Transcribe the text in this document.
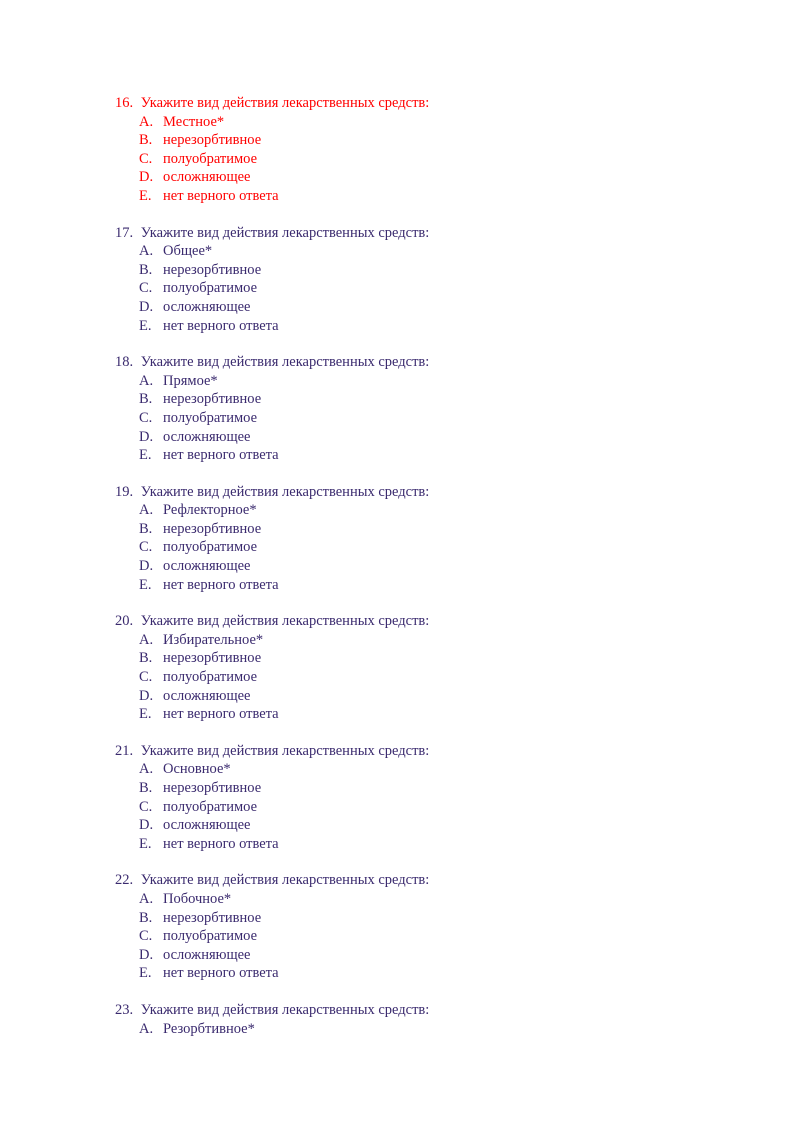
16. Укажите вид действия лекарственных средств:
A. Местное*
B. нерезорбтивное
C. полуобратимое
D. осложняющее
E. нет верного ответа
17. Укажите вид действия лекарственных средств:
A. Общее*
B. нерезорбтивное
C. полуобратимое
D. осложняющее
E. нет верного ответа
18. Укажите вид действия лекарственных средств:
A. Прямое*
B. нерезорбтивное
C. полуобратимое
D. осложняющее
E. нет верного ответа
19. Укажите вид действия лекарственных средств:
A. Рефлекторное*
B. нерезорбтивное
C. полуобратимое
D. осложняющее
E. нет верного ответа
20. Укажите вид действия лекарственных средств:
A. Избирательное*
B. нерезорбтивное
C. полуобратимое
D. осложняющее
E. нет верного ответа
21. Укажите вид действия лекарственных средств:
A. Основное*
B. нерезорбтивное
C. полуобратимое
D. осложняющее
E. нет верного ответа
22. Укажите вид действия лекарственных средств:
A. Побочное*
B. нерезорбтивное
C. полуобратимое
D. осложняющее
E. нет верного ответа
23. Укажите вид действия лекарственных средств:
A. Резорбтивное*
